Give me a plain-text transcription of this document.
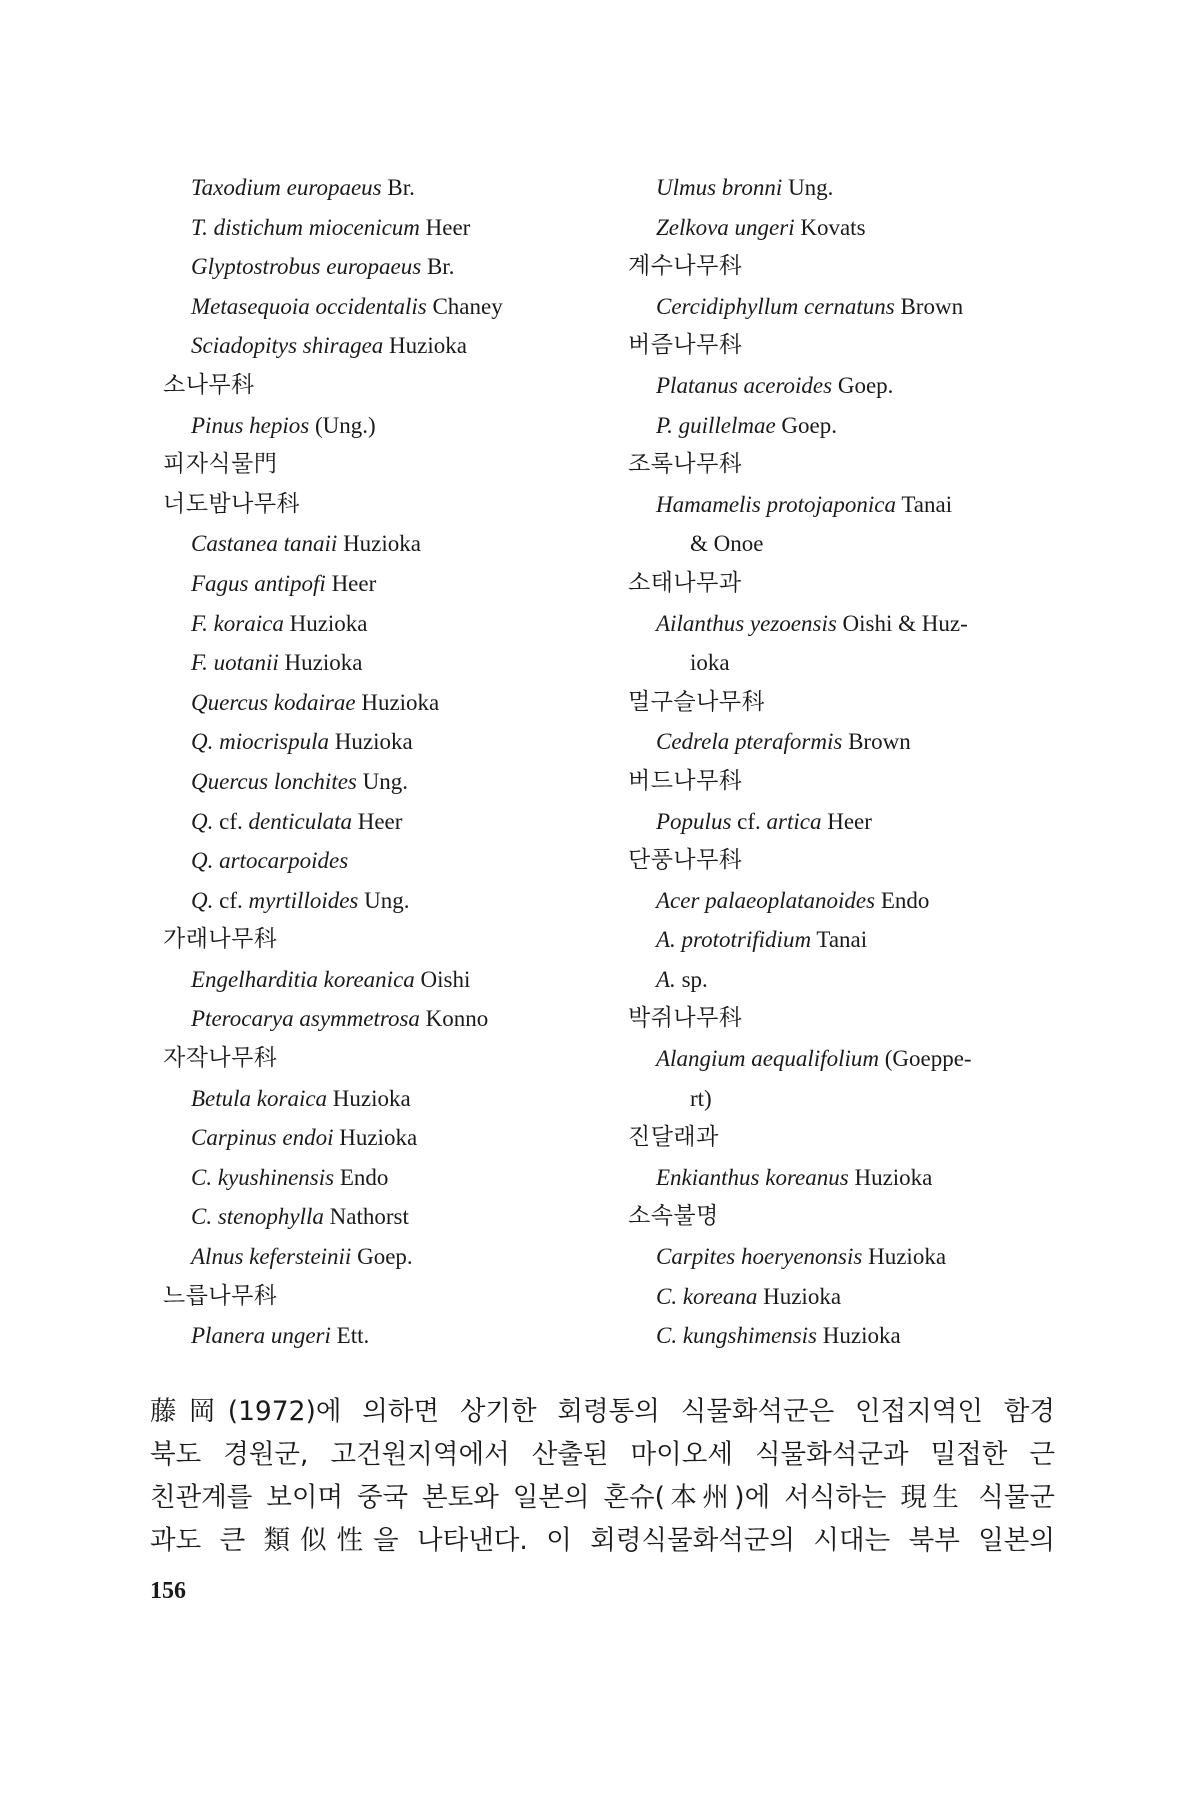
Taxodium europaeus Br.
T. distichum miocenicum Heer
Glyptostrobus europaeus Br.
Metasequoia occidentalis Chaney
Sciadopitys shiragea Huzioka
소나무科
Pinus hepios (Ung.)
피자식물門
너도밤나무科
Castanea tanaii Huzioka
Fagus antipofi Heer
F. koraica Huzioka
F. uotanii Huzioka
Quercus kodairae Huzioka
Q. miocrispula Huzioka
Quercus lonchites Ung.
Q. cf. denticulata Heer
Q. artocarpoides
Q. cf. myrtilloides Ung.
가래나무科
Engelharditia koreanica Oishi
Pterocarya asymmetrosa Konno
자작나무科
Betula koraica Huzioka
Carpinus endoi Huzioka
C. kyushinensis Endo
C. stenophylla Nathorst
Alnus kefersteinii Goep.
느릅나무科
Planera ungeri Ett.
Ulmus bronni Ung.
Zelkova ungeri Kovats
계수나무科
Cercidiphyllum cernatuns Brown
버즘나무科
Platanus aceroides Goep.
P. guillelmae Goep.
조록나무科
Hamamelis protojaponica Tanai
& Onoe
소태나무과
Ailanthus yezoensis Oishi & Huz-
ioka
멀구슬나무科
Cedrela pteraformis Brown
버드나무科
Populus cf. artica Heer
단풍나무科
Acer palaeoplatanoides Endo
A. prototrifidium Tanai
A. sp.
박쥐나무科
Alangium aequalifolium (Goeppe-
rt)
진달래과
Enkianthus koreanus Huzioka
소속불명
Carpites hoeryenonsis Huzioka
C. koreana Huzioka
C. kungshimensis Huzioka

藤岡(1972)에 의하면 상기한 회령통의 식물화석군은 인접지역인 함경

북도 경원군, 고건원지역에서 산출된 마이오세 식물화석군과 밀접한 근

친관계를 보이며 중국 본토와 일본의 혼슈(本州)에 서식하는 現生 식물군

과도 큰 類似性을 나타낸다. 이 회령식물화석군의 시대는 북부 일본의

156
